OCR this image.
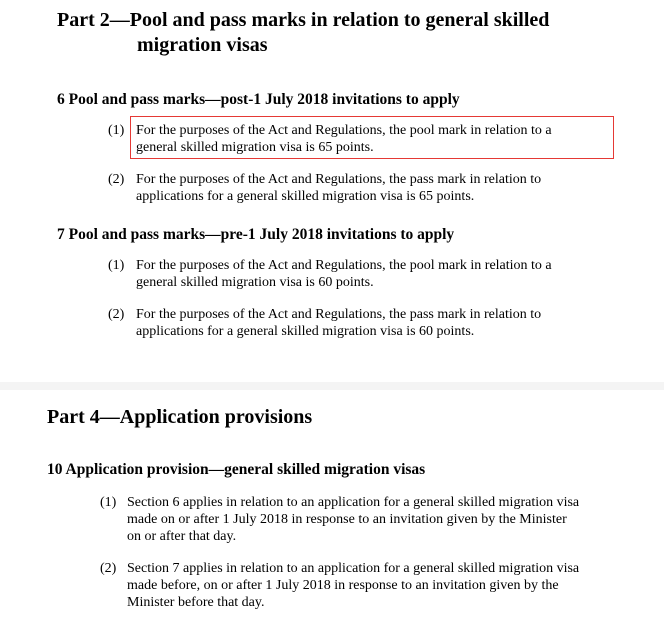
Part 2—Pool and pass marks in relation to general skilled
migration visas
6 Pool and pass marks—post-1 July 2018 invitations to apply
(1) For the purposes of the Act and Regulations, the pool mark in relation to a
general skilled migration visa is 65 points.
(2) For the purposes of the Act and Regulations, the pass mark in relation to
applications for a general skilled migration visa is 65 points.
7 Pool and pass marks—pre-1 July 2018 invitations to apply
(1) For the purposes of the Act and Regulations, the pool mark in relation to a
general skilled migration visa is 60 points.
(2) For the purposes of the Act and Regulations, the pass mark in relation to
applications for a general skilled migration visa is 60 points.
Part 4—Application provisions
10 Application provision—general skilled migration visas
(1) Section 6 applies in relation to an application for a general skilled migration visa
made on or after 1 July 2018 in response to an invitation given by the Minister
on or after that day.
(2) Section 7 applies in relation to an application for a general skilled migration visa
made before, on or after 1 July 2018 in response to an invitation given by the
Minister before that day.
